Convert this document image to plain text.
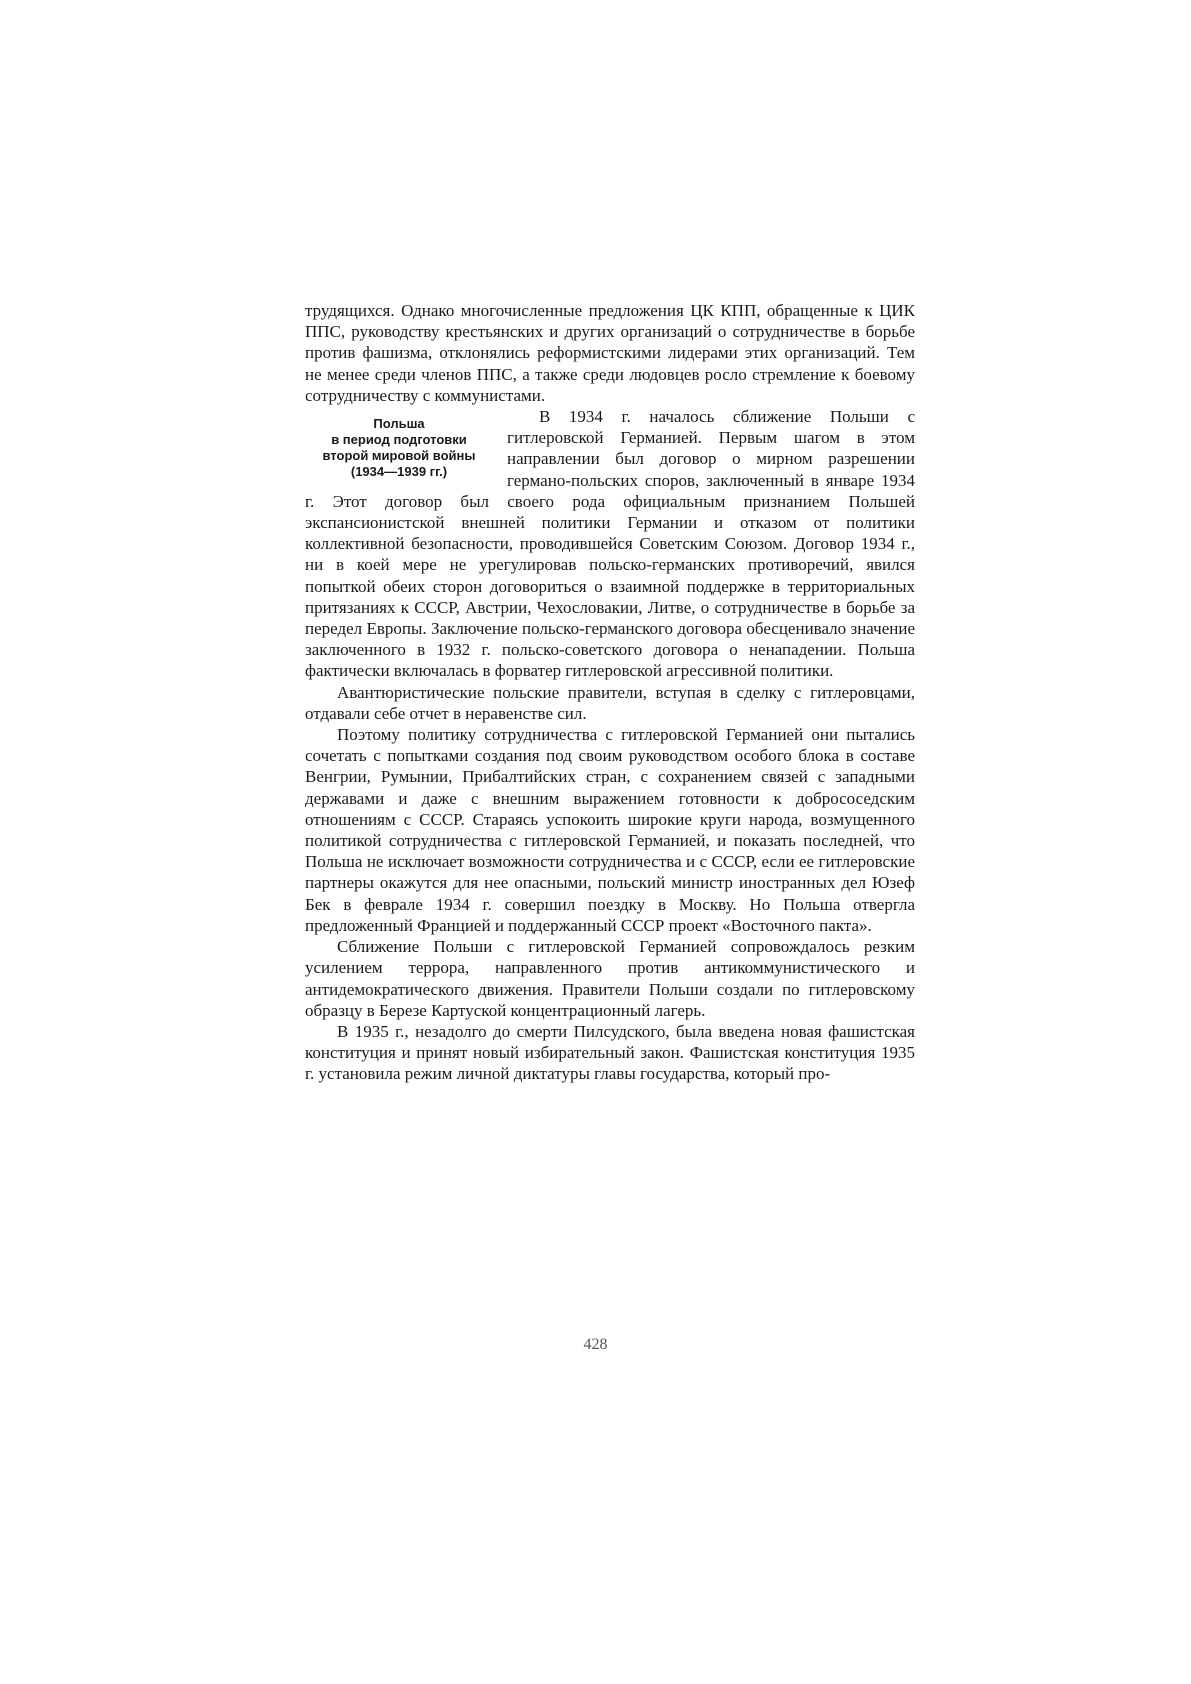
трудящихся. Однако многочисленные предложения ЦК КПП, обращенные к ЦИК ППС, руководству крестьянских и других организаций о сотрудничестве в борьбе против фашизма, отклонялись реформистскими лидерами этих организаций. Тем не менее среди членов ППС, а также среди людовцев росло стремление к боевому сотрудничеству с коммунистами.

Польша
в период подготовки
второй мировой войны
(1934—1939 гг.)

В 1934 г. началось сближение Польши с гитлеровской Германией. Первым шагом в этом направлении был договор о мирном разрешении германо-польских споров, заключенный в январе 1934 г. Этот договор был своего рода официальным признанием Польшей экспансионистской внешней политики Германии и отказом от политики коллективной безопасности, проводившейся Советским Союзом. Договор 1934 г., ни в коей мере не урегулировав польско-германских противоречий, явился попыткой обеих сторон договориться о взаимной поддержке в территориальных притязаниях к СССР, Австрии, Чехословакии, Литве, о сотрудничестве в борьбе за передел Европы. Заключение польско-германского договора обесценивало значение заключенного в 1932 г. польско-советского договора о ненападении. Польша фактически включалась в форватер гитлеровской агрессивной политики.

Авантюристические польские правители, вступая в сделку с гитлеровцами, отдавали себе отчет в неравенстве сил.

Поэтому политику сотрудничества с гитлеровской Германией они пытались сочетать с попытками создания под своим руководством особого блока в составе Венгрии, Румынии, Прибалтийских стран, с сохранением связей с западными державами и даже с внешним выражением готовности к добрососедским отношениям с СССР. Стараясь успокоить широкие круги народа, возмущенного политикой сотрудничества с гитлеровской Германией, и показать последней, что Польша не исключает возможности сотрудничества и с СССР, если ее гитлеровские партнеры окажутся для нее опасными, польский министр иностранных дел Юзеф Бек в феврале 1934 г. совершил поездку в Москву. Но Польша отвергла предложенный Францией и поддержанный СССР проект «Восточного пакта».

Сближение Польши с гитлеровской Германией сопровождалось резким усилением террора, направленного против антикоммунистического и антидемократического движения. Правители Польши создали по гитлеровскому образцу в Березе Картуской концентрационный лагерь.

В 1935 г., незадолго до смерти Пилсудского, была введена новая фашистская конституция и принят новый избирательный закон. Фашистская конституция 1935 г. установила режим личной диктатуры главы государства, который про-

428
